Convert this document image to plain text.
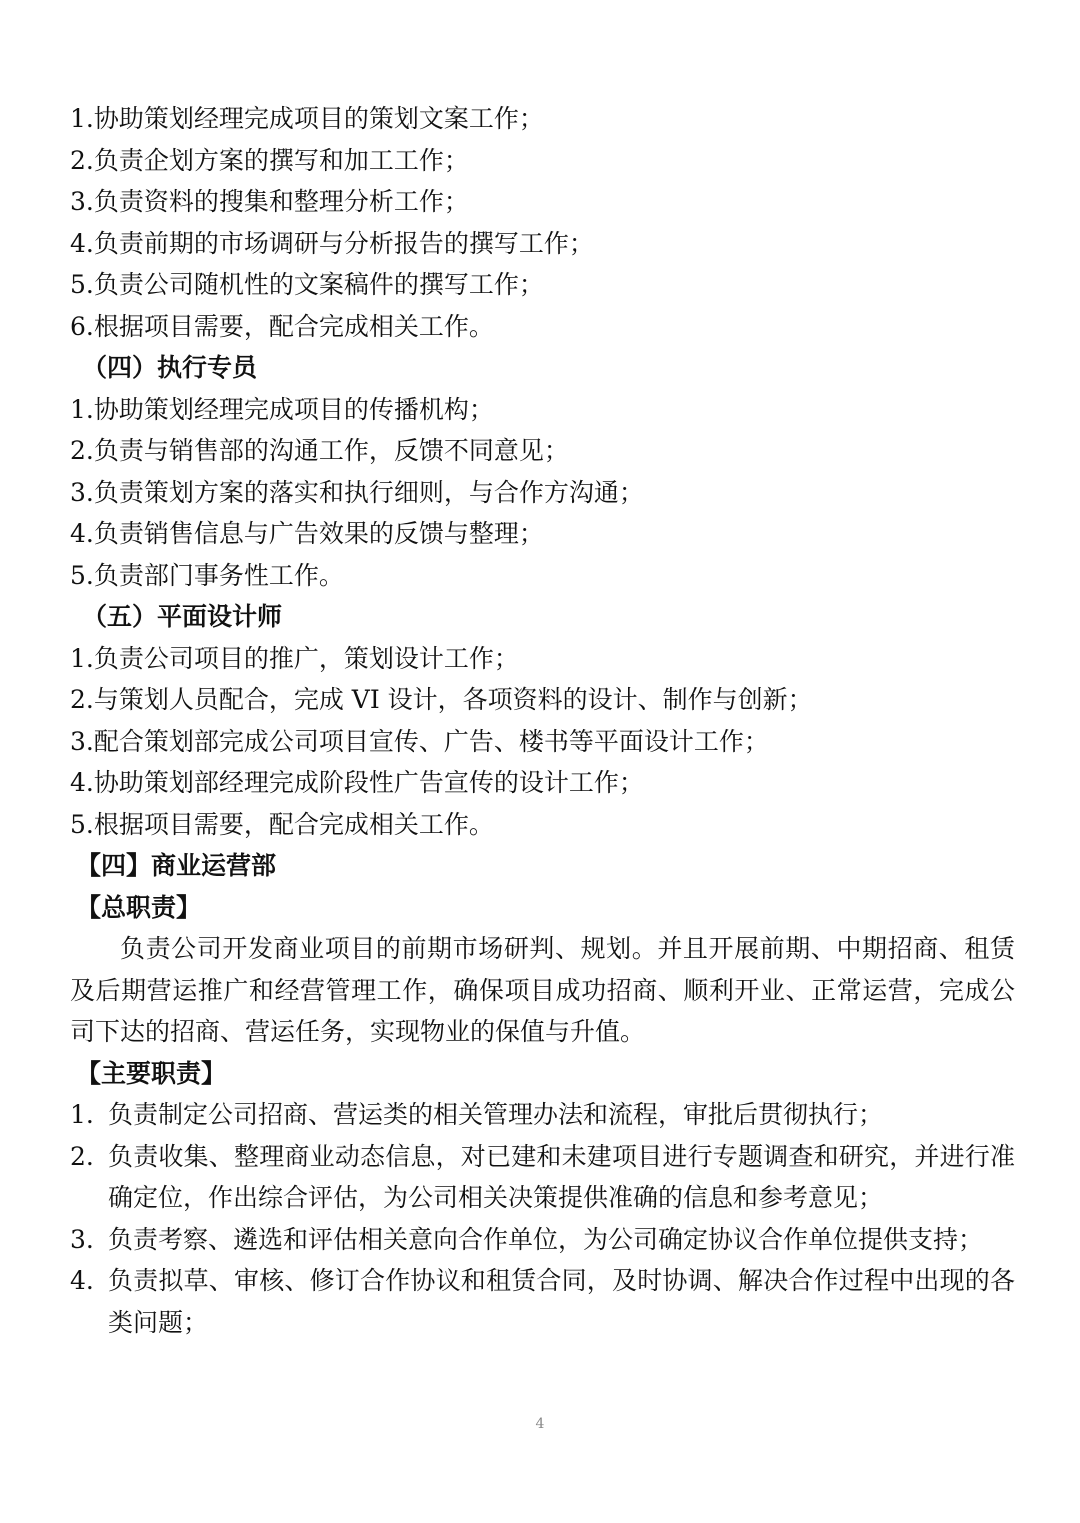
1.协助策划经理完成项目的策划文案工作；
2.负责企划方案的撰写和加工工作；
3.负责资料的搜集和整理分析工作；
4.负责前期的市场调研与分析报告的撰写工作；
5.负责公司随机性的文案稿件的撰写工作；
6.根据项目需要，配合完成相关工作。
（四）执行专员
1.协助策划经理完成项目的传播机构；
2.负责与销售部的沟通工作，反馈不同意见；
3.负责策划方案的落实和执行细则，与合作方沟通；
4.负责销售信息与广告效果的反馈与整理；
5.负责部门事务性工作。
（五）平面设计师
1.负责公司项目的推广，策划设计工作；
2.与策划人员配合，完成 VI 设计，各项资料的设计、制作与创新；
3.配合策划部完成公司项目宣传、广告、楼书等平面设计工作；
4.协助策划部经理完成阶段性广告宣传的设计工作；
5.根据项目需要，配合完成相关工作。
【四】商业运营部
【总职责】

负责公司开发商业项目的前期市场研判、规划。并且开展前期、中期招商、租赁及后期营运推广和经营管理工作，确保项目成功招商、顺利开业、正常运营，完成公司下达的招商、营运任务，实现物业的保值与升值。

【主要职责】
1. 负责制定公司招商、营运类的相关管理办法和流程，审批后贯彻执行；
2. 负责收集、整理商业动态信息，对已建和未建项目进行专题调查和研究，并进行准确定位，作出综合评估，为公司相关决策提供准确的信息和参考意见；
3. 负责考察、遴选和评估相关意向合作单位，为公司确定协议合作单位提供支持；
4. 负责拟草、审核、修订合作协议和租赁合同，及时协调、解决合作过程中出现的各类问题；
4
